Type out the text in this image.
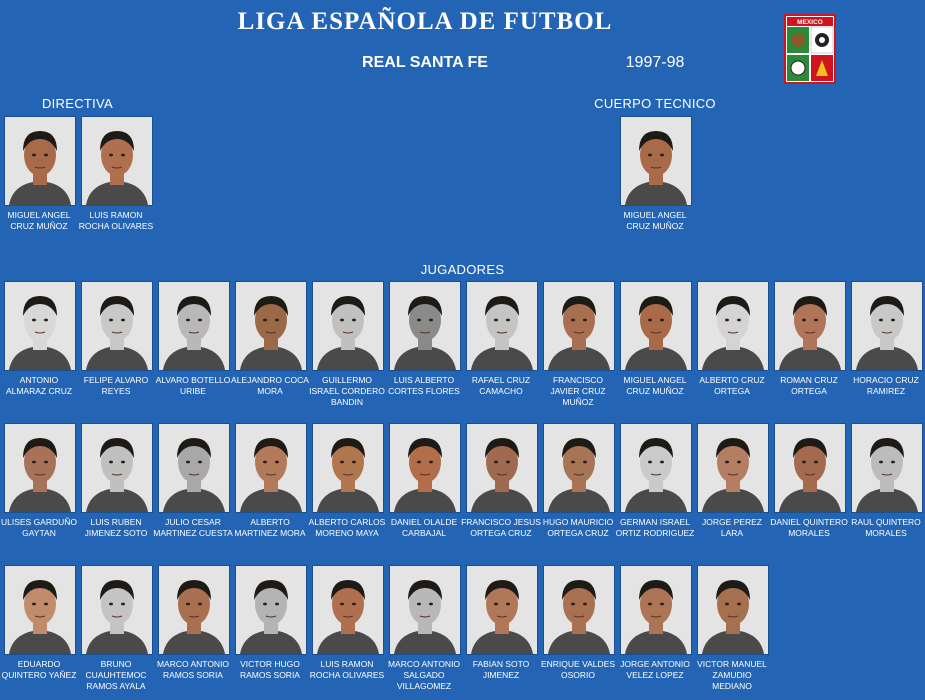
LIGA ESPAÑOLA DE FUTBOL
REAL SANTA FE	1997-98
MEXICO
DIRECTIVA	CUERPO TECNICO
JUGADORES
MIGUEL ANGEL CRUZ MUÑOZ
LUIS RAMON ROCHA OLIVARES
MIGUEL ANGEL CRUZ MUÑOZ
ANTONIO ALMARAZ CRUZ
FELIPE ALVARO REYES
ALVARO BOTELLO URIBE
ALEJANDRO COCA MORA
GUILLERMO ISRAEL CORDERO BANDIN
LUIS ALBERTO CORTES FLORES
RAFAEL CRUZ CAMACHO
FRANCISCO JAVIER CRUZ MUÑOZ
MIGUEL ANGEL CRUZ MUÑOZ
ALBERTO CRUZ ORTEGA
ROMAN CRUZ ORTEGA
HORACIO CRUZ RAMIREZ
ULISES GARDUÑO GAYTAN
LUIS RUBEN JIMENEZ SOTO
JULIO CESAR MARTINEZ CUESTA
ALBERTO MARTINEZ MORA
ALBERTO CARLOS MORENO MAYA
DANIEL OLALDE CARBAJAL
FRANCISCO JESUS ORTEGA CRUZ
HUGO MAURICIO ORTEGA CRUZ
GERMAN ISRAEL ORTIZ RODRIGUEZ
JORGE PEREZ LARA
DANIEL QUINTERO MORALES
RAUL QUINTERO MORALES
EDUARDO QUINTERO YAÑEZ
BRUNO CUAUHTEMOC RAMOS AYALA
MARCO ANTONIO RAMOS SORIA
VICTOR HUGO RAMOS SORIA
LUIS RAMON ROCHA OLIVARES
MARCO ANTONIO SALGADO VILLAGOMEZ
FABIAN SOTO JIMENEZ
ENRIQUE VALDES OSORIO
JORGE ANTONIO VELEZ LOPEZ
VICTOR MANUEL ZAMUDIO MEDIANO
